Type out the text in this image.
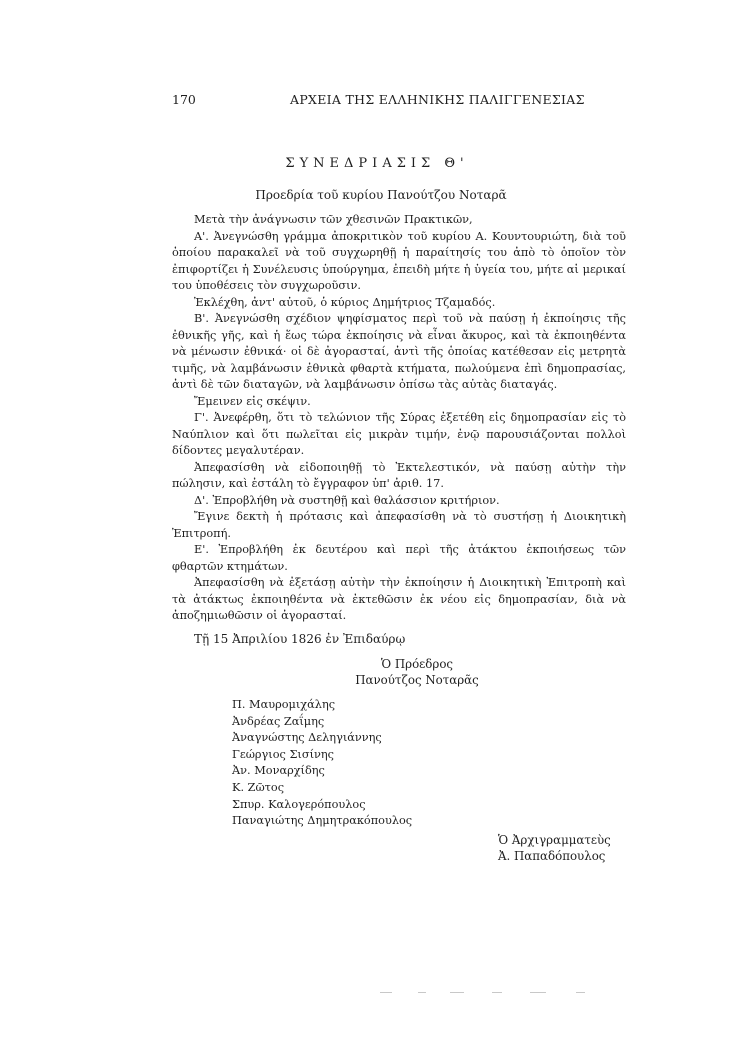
170	ΑΡΧΕΙΑ ΤΗΣ ΕΛΛΗΝΙΚΗΣ ΠΑΛΙΓΓΕΝΕΣΙΑΣ
ΣΥΝΕΔΡΙΑΣΙΣ Θ'
Προεδρία τοῦ κυρίου Πανούτζου Νοταρᾶ

Μετὰ τὴν ἀνάγνωσιν τῶν χθεσινῶν Πρακτικῶν,

Α'. Ἀνεγνώσθη γράμμα ἀποκριτικὸν τοῦ κυρίου Α. Κουντουριώτη, διὰ τοῦ ὁποίου παρακαλεῖ νὰ τοῦ συγχωρηθῇ ἡ παραίτησίς του ἀπὸ τὸ ὁποῖον τὸν ἐπιφορτίζει ἡ Συνέλευσις ὑπούργημα, ἐπειδὴ μήτε ἡ ὑγεία του, μήτε αἱ μερικαί του ὑποθέσεις τὸν συγχωροῦσιν.

Ἐκλέχθη, ἀντ' αὐτοῦ, ὁ κύριος Δημήτριος Τζαμαδός.

Β'. Ἀνεγνώσθη σχέδιον ψηφίσματος περὶ τοῦ νὰ παύσῃ ἡ ἐκποίησις τῆς ἐθνικῆς γῆς, καὶ ἡ ἕως τώρα ἐκποίησις νὰ εἶναι ἄκυρος, καὶ τὰ ἐκποιηθέντα νὰ μένωσιν ἐθνικά· οἱ δὲ ἀγορασταί, ἀντὶ τῆς ὁποίας κατέθεσαν εἰς μετρητὰ τιμῆς, νὰ λαμβάνωσιν ἐθνικὰ φθαρτὰ κτήματα, πωλούμενα ἐπὶ δημοπρασίας, ἀντὶ δὲ τῶν διαταγῶν, νὰ λαμβάνωσιν ὀπίσω τὰς αὐτὰς διαταγάς.

Ἔμεινεν εἰς σκέψιν.

Γ'. Ἀνεφέρθη, ὅτι τὸ τελώνιον τῆς Σύρας ἐξετέθη εἰς δημοπρασίαν εἰς τὸ Ναύπλιον καὶ ὅτι πωλεῖται εἰς μικρὰν τιμήν, ἐνῷ παρουσιάζονται πολλοὶ δίδοντες μεγαλυτέραν.

Ἀπεφασίσθη νὰ εἰδοποιηθῇ τὸ Ἐκτελεστικόν, νὰ παύσῃ αὐτὴν τὴν πώλησιν, καὶ ἐστάλη τὸ ἔγγραφον ὑπ' ἀριθ. 17.

Δ'. Ἐπροβλήθη νὰ συστηθῇ καὶ θαλάσσιον κριτήριον.

Ἔγινε δεκτὴ ἡ πρότασις καὶ ἀπεφασίσθη νὰ τὸ συστήσῃ ἡ Διοικητικὴ Ἐπιτροπή.

Ε'. Ἐπροβλήθη ἐκ δευτέρου καὶ περὶ τῆς ἀτάκτου ἐκποιήσεως τῶν φθαρτῶν κτημάτων.

Ἀπεφασίσθη νὰ ἐξετάσῃ αὐτὴν τὴν ἐκποίησιν ἡ Διοικητικὴ Ἐπιτροπὴ καὶ τὰ ἀτάκτως ἐκποιηθέντα νὰ ἐκτεθῶσιν ἐκ νέου εἰς δημοπρασίαν, διὰ νὰ ἀποζημιωθῶσιν οἱ ἀγορασταί.

Τῇ 15 Ἀπριλίου 1826 ἐν Ἐπιδαύρῳ
Ὁ Πρόεδρος
Πανούτζος Νοταρᾶς
Π. Μαυρομιχάλης
Ἀνδρέας Ζαΐμης
Ἀναγνώστης Δεληγιάννης
Γεώργιος Σισίνης
Ἀν. Μοναρχίδης
Κ. Ζῶτος
Σπυρ. Καλογερόπουλος
Παναγιώτης Δημητρακόπουλος
Ὁ Ἀρχιγραμματεὺς
Ἀ. Παπαδόπουλος
